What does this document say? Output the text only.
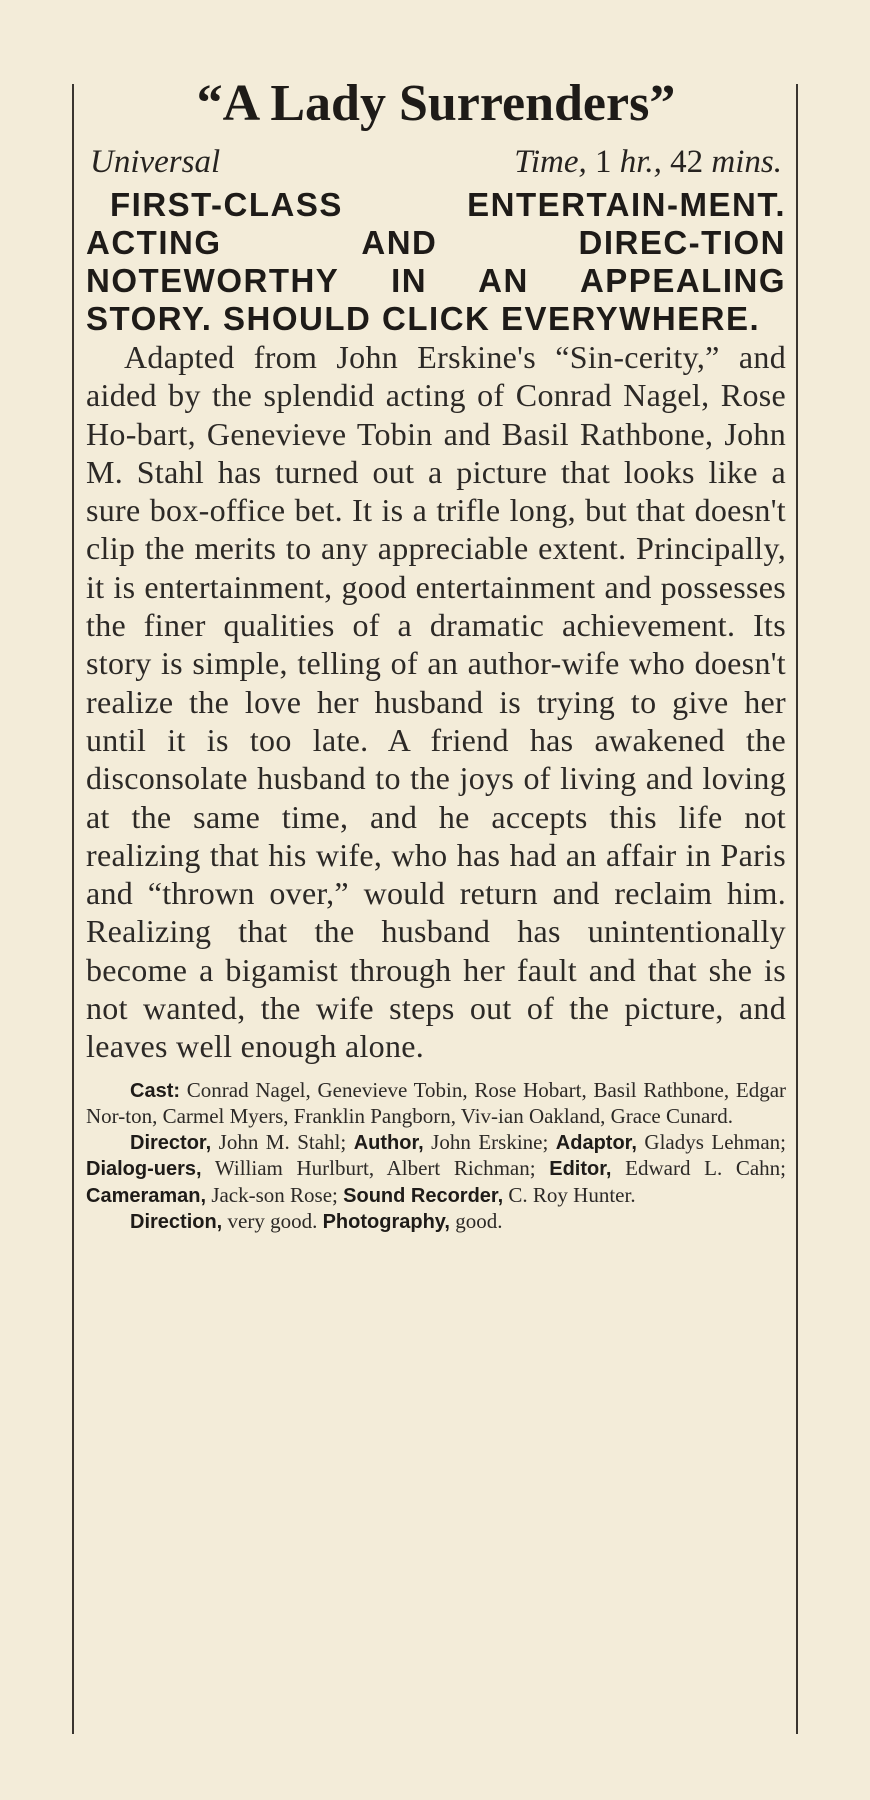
“A Lady Surrenders”
Universal	Time, 1 hr., 42 mins.

FIRST-CLASS ENTERTAIN-MENT. ACTING AND DIREC-TION NOTEWORTHY IN AN APPEALING STORY. SHOULD CLICK EVERYWHERE.

Adapted from John Erskine's “Sin-cerity,” and aided by the splendid acting of Conrad Nagel, Rose Ho-bart, Genevieve Tobin and Basil Rathbone, John M. Stahl has turned out a picture that looks like a sure box-office bet. It is a trifle long, but that doesn't clip the merits to any appreciable extent. Principally, it is entertainment, good entertainment and possesses the finer qualities of a dramatic achievement. Its story is simple, telling of an author-wife who doesn't realize the love her husband is trying to give her until it is too late. A friend has awakened the disconsolate husband to the joys of living and loving at the same time, and he accepts this life not realizing that his wife, who has had an affair in Paris and “thrown over,” would return and reclaim him. Realizing that the husband has unintentionally become a bigamist through her fault and that she is not wanted, the wife steps out of the picture, and leaves well enough alone.

Cast: Conrad Nagel, Genevieve Tobin, Rose Hobart, Basil Rathbone, Edgar Nor-ton, Carmel Myers, Franklin Pangborn, Viv-ian Oakland, Grace Cunard.

Director, John M. Stahl; Author, John Erskine; Adaptor, Gladys Lehman; Dialog-uers, William Hurlburt, Albert Richman; Editor, Edward L. Cahn; Cameraman, Jack-son Rose; Sound Recorder, C. Roy Hunter.

Direction, very good. Photography, good.
